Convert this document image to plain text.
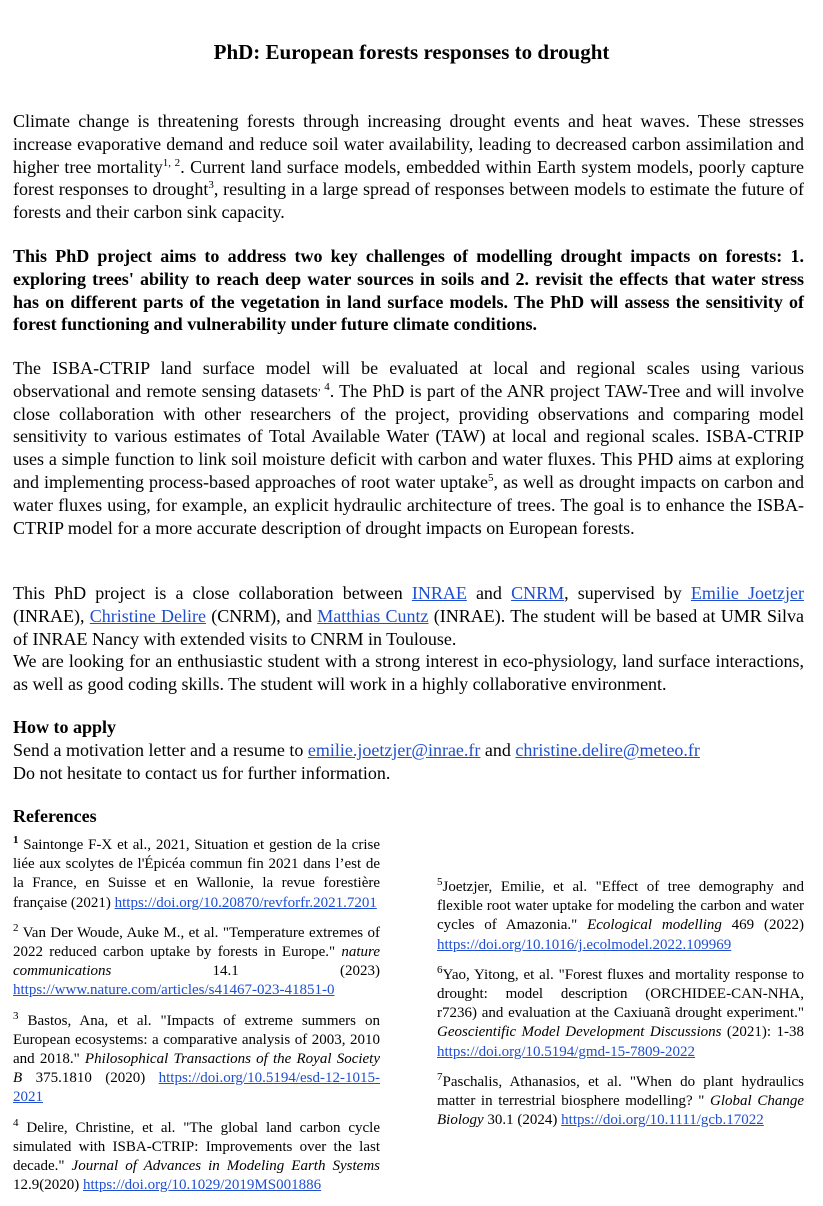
PhD: European forests responses to drought
Climate change is threatening forests through increasing drought events and heat waves. These stresses increase evaporative demand and reduce soil water availability, leading to decreased carbon assimilation and higher tree mortality$^{1, 2}$. Current land surface models, embedded within Earth system models, poorly capture forest responses to drought$^3$, resulting in a large spread of responses between models to estimate the future of forests and their carbon sink capacity.
This PhD project aims to address two key challenges of modelling drought impacts on forests: 1. exploring trees' ability to reach deep water sources in soils and 2. revisit the effects that water stress has on different parts of the vegetation in land surface models. The PhD will assess the sensitivity of forest functioning and vulnerability under future climate conditions.
The ISBA-CTRIP land surface model will be evaluated at local and regional scales using various observational and remote sensing datasets$^{, 4}$. The PhD is part of the ANR project TAW-Tree and will involve close collaboration with other researchers of the project, providing observations and comparing model sensitivity to various estimates of Total Available Water (TAW) at local and regional scales. ISBA-CTRIP uses a simple function to link soil moisture deficit with carbon and water fluxes. This PHD aims at exploring and implementing process-based approaches of root water uptake$^5$, as well as drought impacts on carbon and water fluxes using, for example, an explicit hydraulic architecture of trees. The goal is to enhance the ISBA-CTRIP model for a more accurate description of drought impacts on European forests.
This PhD project is a close collaboration between INRAE and CNRM, supervised by Emilie Joetzjer (INRAE), Christine Delire (CNRM), and Matthias Cuntz (INRAE). The student will be based at UMR Silva of INRAE Nancy with extended visits to CNRM in Toulouse.
We are looking for an enthusiastic student with a strong interest in eco-physiology, land surface interactions, as well as good coding skills. The student will work in a highly collaborative environment.
How to apply
Send a motivation letter and a resume to emilie.joetzjer@inrae.fr and christine.delire@meteo.fr
Do not hesitate to contact us for further information.
References
$^1$ Saintonge F-X et al., 2021, Situation et gestion de la crise liée aux scolytes de l'Épicéa commun fin 2021 dans l’est de la France, en Suisse et en Wallonie, la revue forestière française (2021) https://doi.org/10.20870/revforfr.2021.7201
$^2$ Van Der Woude, Auke M., et al. "Temperature extremes of 2022 reduced carbon uptake by forests in Europe." nature communications 14.1 (2023) https://www.nature.com/articles/s41467-023-41851-0
$^3$ Bastos, Ana, et al. "Impacts of extreme summers on European ecosystems: a comparative analysis of 2003, 2010 and 2018." Philosophical Transactions of the Royal Society B 375.1810 (2020) https://doi.org/10.5194/esd-12-1015-2021
$^4$ Delire, Christine, et al. "The global land carbon cycle simulated with ISBA-CTRIP: Improvements over the last decade." Journal of Advances in Modeling Earth Systems 12.9(2020) https://doi.org/10.1029/2019MS001886
$^5$Joetzjer, Emilie, et al. "Effect of tree demography and flexible root water uptake for modeling the carbon and water cycles of Amazonia." Ecological modelling 469 (2022) https://doi.org/10.1016/j.ecolmodel.2022.109969
$^6$Yao, Yitong, et al. "Forest fluxes and mortality response to drought: model description (ORCHIDEE-CAN-NHA, r7236) and evaluation at the Caxiuanã drought experiment." Geoscientific Model Development Discussions (2021): 1-38 https://doi.org/10.5194/gmd-15-7809-2022
$^7$Paschalis, Athanasios, et al. "When do plant hydraulics matter in terrestrial biosphere modelling? " Global Change Biology 30.1 (2024) https://doi.org/10.1111/gcb.17022
